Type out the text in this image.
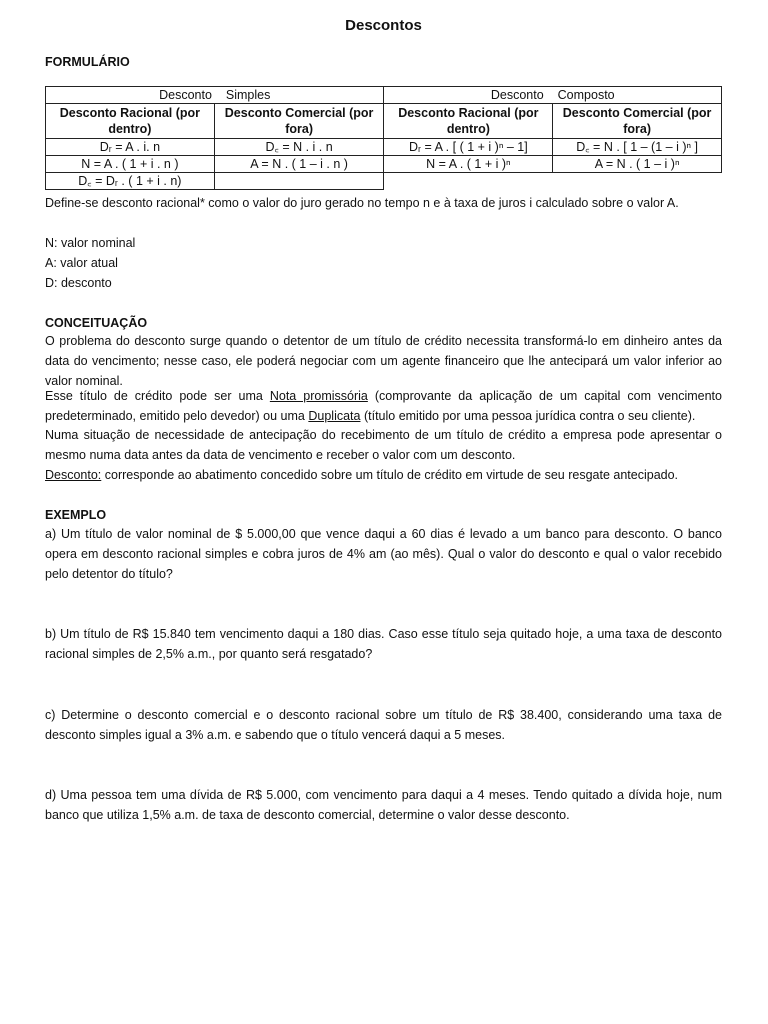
Descontos
FORMULÁRIO
Desconto Simples		Desconto Composto	
Desconto Racional (por dentro)	Desconto Comercial (por fora)	Desconto Racional (por dentro)	Desconto Comercial (por fora)
Dᵣ = A . i. n	D꜀ = N . i . n	Dᵣ = A . [ ( 1 + i )ⁿ – 1]	D꜀ = N . [ 1 – (1 – i )ⁿ ]
N = A . ( 1 + i . n )	A = N . ( 1 – i . n )	N = A . ( 1 + i )ⁿ	A = N . ( 1 – i )ⁿ
D꜀ = Dᵣ . ( 1 + i . n)			
Define-se desconto racional* como o valor do juro gerado no tempo n e à taxa de juros i calculado sobre o valor A.
N: valor nominal
A: valor atual
D: desconto
CONCEITUAÇÃO
O problema do desconto surge quando o detentor de um título de crédito necessita transformá-lo em dinheiro antes da data do vencimento; nesse caso, ele poderá negociar com um agente financeiro que lhe antecipará um valor inferior ao valor nominal.
Esse título de crédito pode ser uma Nota promissória (comprovante da aplicação de um capital com vencimento predeterminado, emitido pelo devedor) ou uma Duplicata (título emitido por uma pessoa jurídica contra o seu cliente).
Numa situação de necessidade de antecipação do recebimento de um título de crédito a empresa pode apresentar o mesmo numa data antes da data de vencimento e receber o valor com um desconto.
Desconto: corresponde ao abatimento concedido sobre um título de crédito em virtude de seu resgate antecipado.
EXEMPLO
a) Um título de valor nominal de $ 5.000,00 que vence daqui a 60 dias é levado a um banco para desconto. O banco opera em desconto racional simples e cobra juros de 4% am (ao mês). Qual o valor do desconto e qual o valor recebido pelo detentor do título?
b) Um título de R$ 15.840 tem vencimento daqui a 180 dias. Caso esse título seja quitado hoje, a uma taxa de desconto racional simples de 2,5% a.m., por quanto será resgatado?
c) Determine o desconto comercial e o desconto racional sobre um título de R$ 38.400, considerando uma taxa de desconto simples igual a 3% a.m. e sabendo que o título vencerá daqui a 5 meses.
d) Uma pessoa tem uma dívida de R$ 5.000, com vencimento para daqui a 4 meses. Tendo quitado a dívida hoje, num banco que utiliza 1,5% a.m. de taxa de desconto comercial, determine o valor desse desconto.
